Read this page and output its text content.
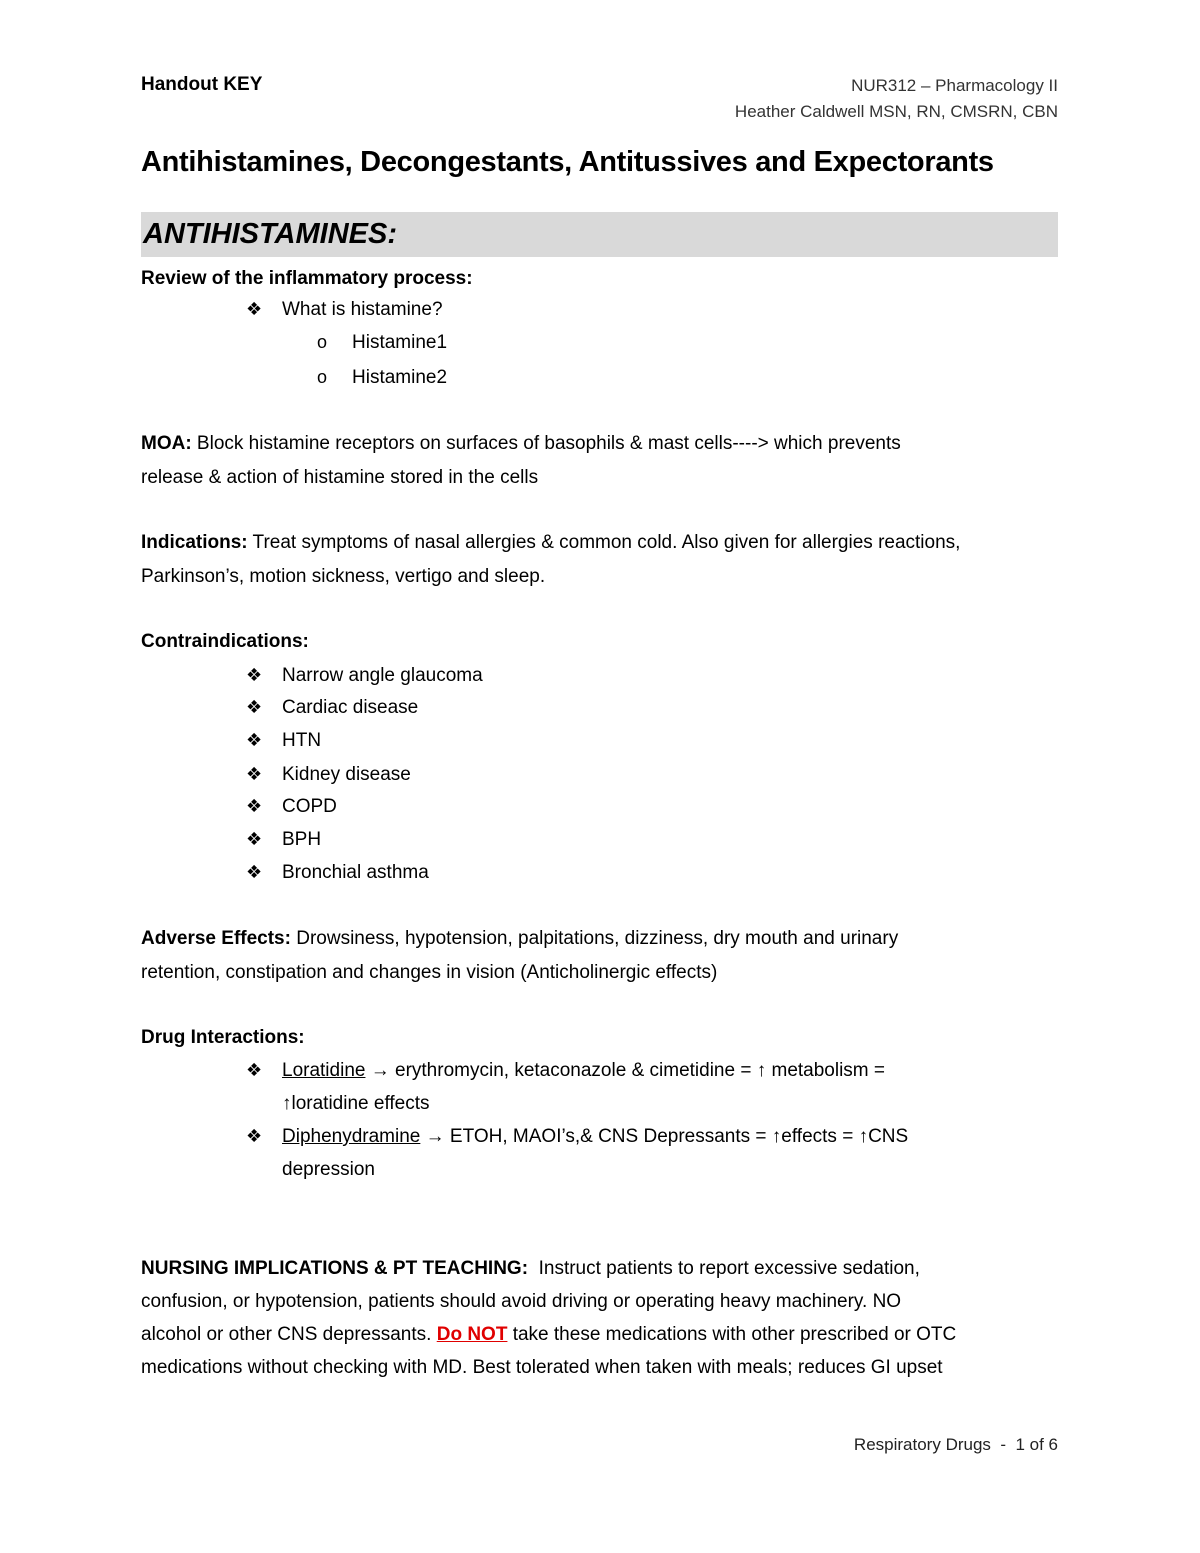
Handout KEY	NUR312 – Pharmacology II
Heather Caldwell MSN, RN, CMSRN, CBN
Antihistamines, Decongestants, Antitussives and Expectorants
ANTIHISTAMINES:
Review of the inflammatory process:
❖ What is histamine?
o Histamine1
o Histamine2
MOA: Block histamine receptors on surfaces of basophils & mast cells----> which prevents
release & action of histamine stored in the cells
Indications: Treat symptoms of nasal allergies & common cold. Also given for allergies reactions,
Parkinson’s, motion sickness, vertigo and sleep.
Contraindications:
❖ Narrow angle glaucoma
❖ Cardiac disease
❖ HTN
❖ Kidney disease
❖ COPD
❖ BPH
❖ Bronchial asthma
Adverse Effects: Drowsiness, hypotension, palpitations, dizziness, dry mouth and urinary
retention, constipation and changes in vision (Anticholinergic effects)
Drug Interactions:
❖ Loratidine → erythromycin, ketaconazole & cimetidine = ↑ metabolism =
↑loratidine effects
❖ Diphenydramine → ETOH, MAOI’s,& CNS Depressants = ↑effects = ↑CNS
depression
NURSING IMPLICATIONS & PT TEACHING:  Instruct patients to report excessive sedation,
confusion, or hypotension, patients should avoid driving or operating heavy machinery. NO
alcohol or other CNS depressants. Do NOT take these medications with other prescribed or OTC
medications without checking with MD. Best tolerated when taken with meals; reduces GI upset
Respiratory Drugs  -  1 of 6
